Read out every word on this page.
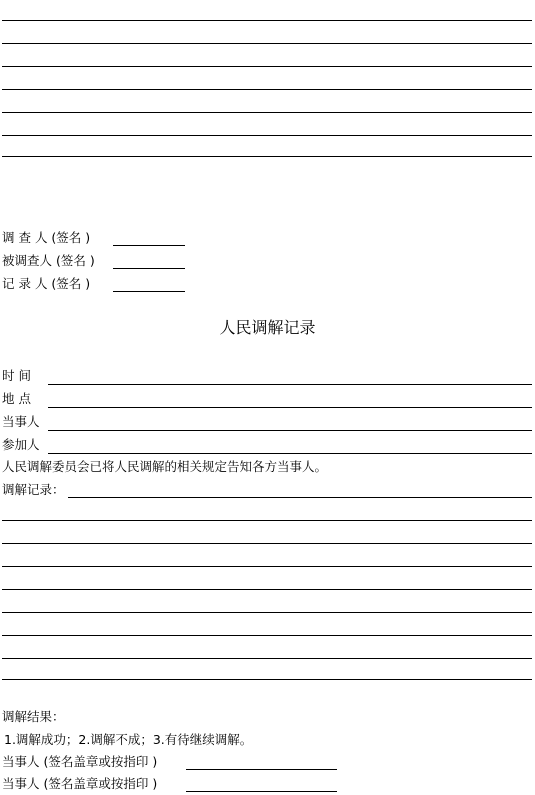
调 查 人 (签名 )
被调查人 (签名 )
记 录 人 (签名 )
人民调解记录
时 间
地 点
当事人
参加人
人民调解委员会已将人民调解的相关规定告知各方当事人。
调解记录：
调解结果：
1.调解成功；2.调解不成；3.有待继续调解。
当事人 (签名盖章或按指印 )
当事人 (签名盖章或按指印 )
